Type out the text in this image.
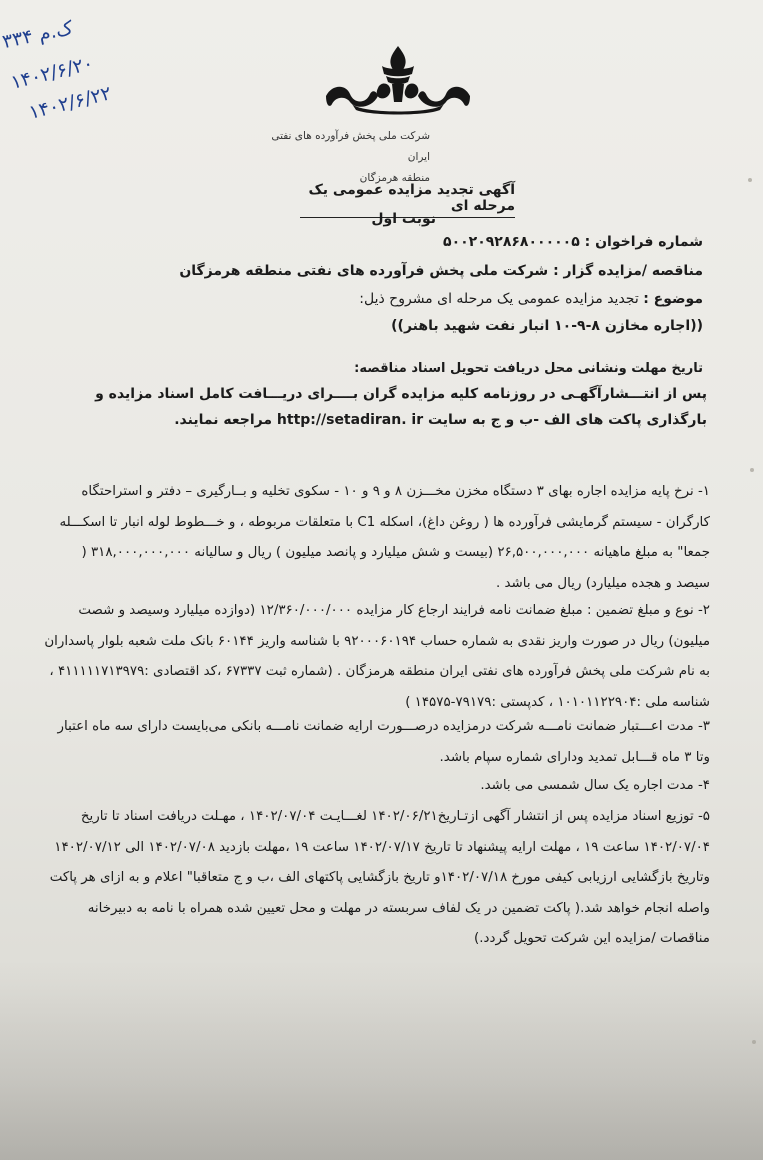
۳۳۴ ک.م
۱۴۰۲/۶/۲۰
۱۴۰۲/۶/۲۲
شرکت ملی پخش فرآورده های نفتی ایران
منطقه هرمزگان
آگهی تجدید مزایده عمومی یک مرحله ای
نوبت اول
شماره فراخوان : ۵۰۰۲۰۹۲۸۶۸۰۰۰۰۰۵
مناقصه /مزایده گزار : شرکت ملی پخش فرآورده های نفتی منطقه هرمزگان
موضوع : تجدید مزایده عمومی یک مرحله ای مشروح ذیل:
((اجاره مخازن ۸-۹-۱۰ انبار نفت شهید باهنر))
تاریخ مهلت ونشانی محل دریافت تحویل اسناد مناقصه:
پس از انتـــشارآگهـی در روزنامه کلیه مزایده گران بــــرای دریـــافت کامل اسناد مزایده و
بارگذاری پاکت های الف -ب و ج به سایت http://setadiran. ir مراجعه نمایند.
۱- نرخ پایه مزایده اجاره بهای ۳ دستگاه مخزن مخـــزن ۸ و ۹ و ۱۰ - سکوی تخلیه و بــارگیری – دفتر و استراحتگاه کارگران - سیستم گرمایشی فرآورده ها ( روغن داغ)، اسکله C1 با متعلقات مربوطه ، و خـــطوط لوله انبار تا اسکـــله جمعا" به مبلغ ماهیانه ۲۶,۵۰۰,۰۰۰,۰۰۰ (بیست و شش میلیارد و پانصد میلیون ) ریال و سالیانه ۳۱۸,۰۰۰,۰۰۰,۰۰۰ ( سیصد و هجده میلیارد) ریال می باشد .
۲- نوع و مبلغ تضمین : مبلغ ضمانت نامه فرایند ارجاع کار مزایده ۱۲/۳۶۰/۰۰۰/۰۰۰ (دوازده میلیارد وسیصد و شصت میلیون) ریال در صورت واریز نقدی به شماره حساب ۹۲۰۰۰۶۰۱۹۴ با شناسه واریز ۶۰۱۴۴ بانک ملت شعبه بلوار پاسداران به نام شرکت ملی پخش فرآورده های نفتی ایران منطقه هرمزگان . (شماره ثبت ۶۷۳۳۷ ،کد اقتصادی :۴۱۱۱۱۱۷۱۳۹۷۹ ، شناسه ملی :۱۰۱۰۱۱۲۲۹۰۴ ، کدپستی :۷۹۱۷۹-۱۴۵۷۵ )
۳- مدت اعـــتبار ضمانت نامـــه شرکت درمزایده درصـــورت ارایه ضمانت نامـــه بانکی می‌بایست دارای سه ماه اعتبار وتا ۳ ماه قـــابل تمدید ودارای شماره سپام باشد.
۴- مدت اجاره یک سال شمسی می باشد.
۵- توزیع اسناد مزایده پس از انتشار آگهی ازتـاریخ۱۴۰۲/۰۶/۲۱ لغـــایـت ۱۴۰۲/۰۷/۰۴ ، مهـلت دریافت اسناد تا تاریخ ۱۴۰۲/۰۷/۰۴ ساعت ۱۹ ، مهلت ارایه پیشنهاد تا تاریخ ۱۴۰۲/۰۷/۱۷ ساعت ۱۹ ،مهلت بازدید ۱۴۰۲/۰۷/۰۸ الی ۱۴۰۲/۰۷/۱۲ وتاریخ بازگشایی ارزیابی کیفی مورخ ۱۴۰۲/۰۷/۱۸و تاریخ بازگشایی پاکتهای الف ،ب و ج متعاقبا" اعلام و به ازای هر پاکت واصله انجام خواهد شد.( پاکت تضمین در یک لفاف سربسته در مهلت و محل تعیین شده همراه با نامه به دبیرخانه مناقصات /مزایده این شرکت تحویل گردد.)
